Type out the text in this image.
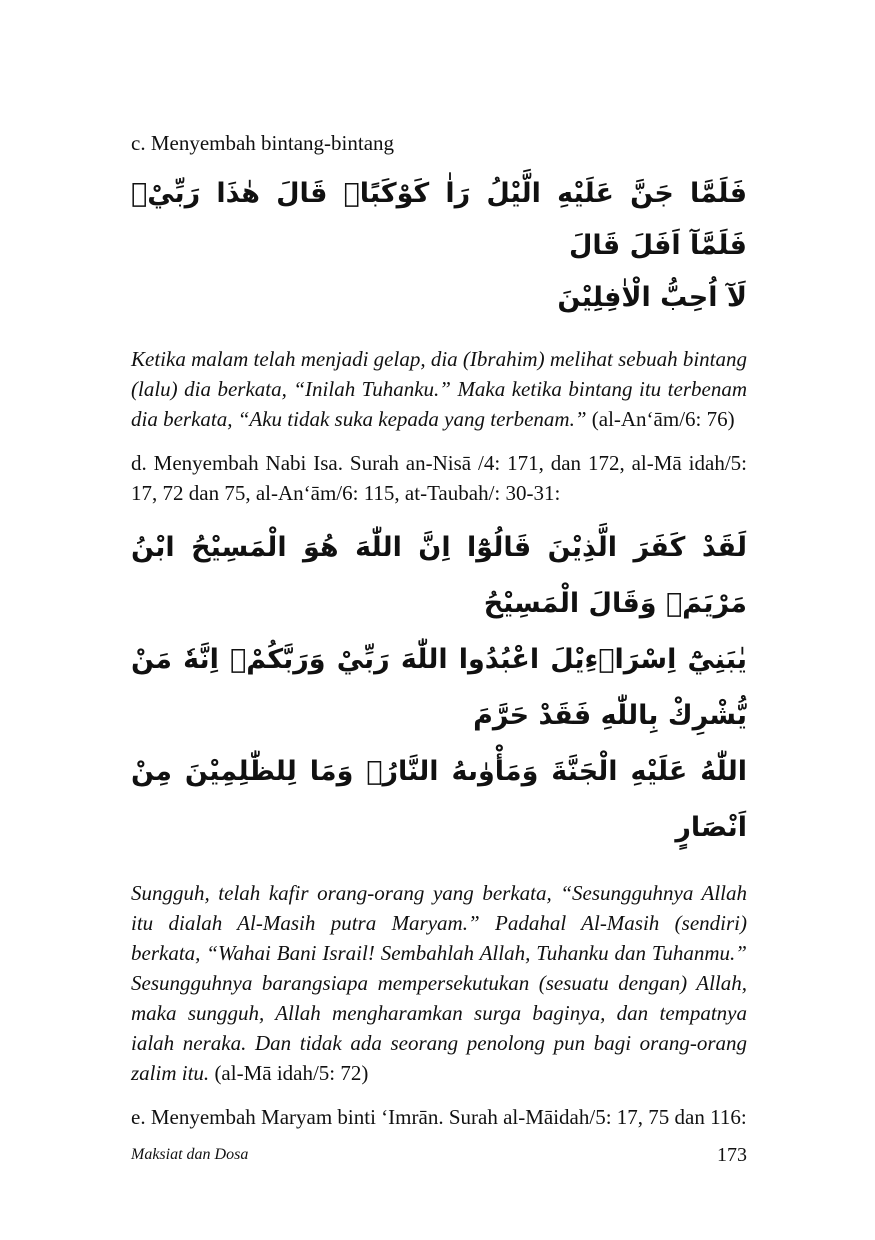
c. Menyembah bintang-bintang

فَلَمَّا جَنَّ عَلَيْهِ الَّيْلُ رَاٰ كَوْكَبًاۗ قَالَ هٰذَا رَبِّيْۚ فَلَمَّآ اَفَلَ قَالَ
لَآ اُحِبُّ الْاٰفِلِيْنَ

Ketika malam telah menjadi gelap, dia (Ibrahim) melihat sebuah bintang (lalu) dia berkata, “Inilah Tuhanku.” Maka ketika bintang itu terbenam dia berkata, “Aku tidak suka kepada yang terbenam.” (al-An‘ām/6: 76)

d. Menyembah Nabi Isa. Surah an-Nisā /4: 171, dan 172, al-Mā idah/5: 17, 72 dan 75, al-An‘ām/6: 115, at-Taubah/: 30-31:

لَقَدْ كَفَرَ الَّذِيْنَ قَالُوْٓا اِنَّ اللّٰهَ هُوَ الْمَسِيْحُ ابْنُ مَرْيَمَۗ وَقَالَ الْمَسِيْحُ
يٰبَنِيْٓ اِسْرَاۤءِيْلَ اعْبُدُوا اللّٰهَ رَبِّيْ وَرَبَّكُمْۗ اِنَّهٗ مَنْ يُّشْرِكْ بِاللّٰهِ فَقَدْ حَرَّمَ
اللّٰهُ عَلَيْهِ الْجَنَّةَ وَمَأْوٰىهُ النَّارُۗ وَمَا لِلظّٰلِمِيْنَ مِنْ اَنْصَارٍ

Sungguh, telah kafir orang-orang yang berkata, “Sesungguhnya Allah itu dialah Al-Masih putra Maryam.” Padahal Al-Masih (sendiri) berkata, “Wahai Bani Israil! Sembahlah Allah, Tuhanku dan Tuhanmu.” Sesungguhnya barangsiapa mempersekutukan (sesuatu dengan) Allah, maka sungguh, Allah mengharamkan surga baginya, dan tempatnya ialah neraka. Dan tidak ada seorang penolong pun bagi orang-orang zalim itu. (al-Mā idah/5: 72)

e. Menyembah Maryam binti ‘Imrān. Surah al-Māidah/5: 17, 75 dan 116:

Maksiat dan Dosa	173
